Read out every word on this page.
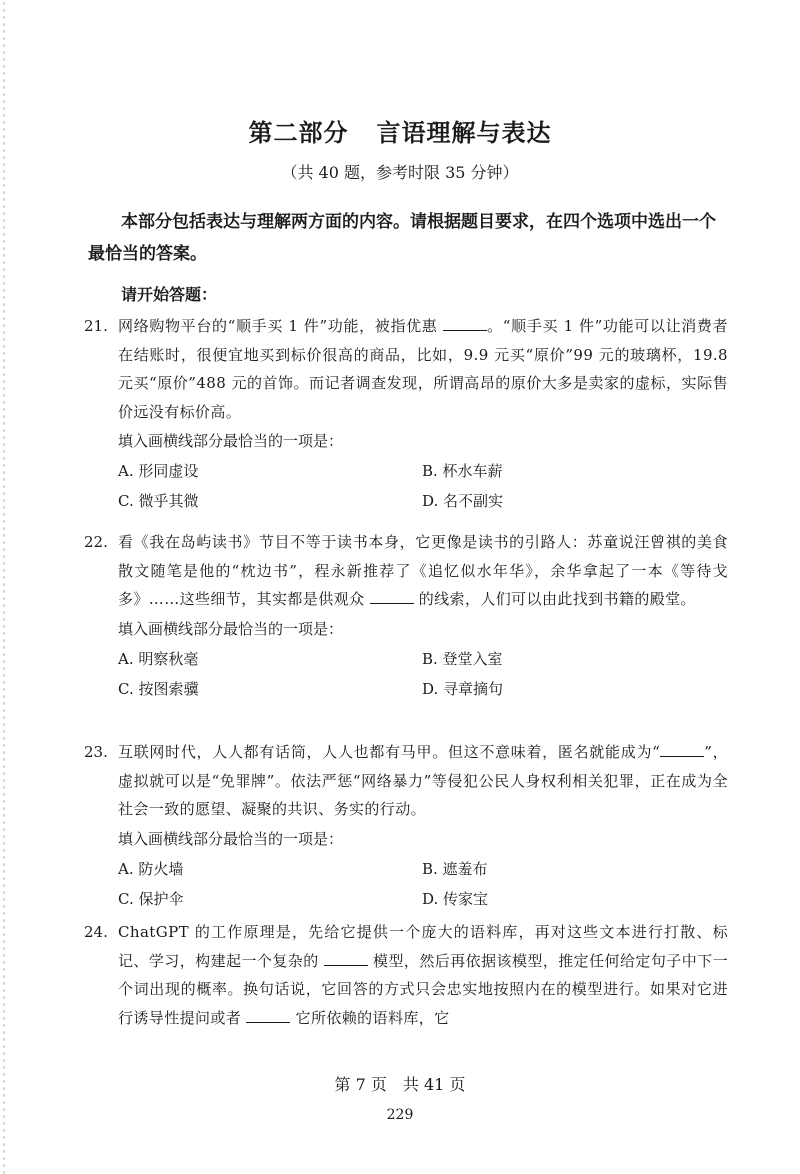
第二部分 言语理解与表达
（共 40 题，参考时限 35 分钟）
本部分包括表达与理解两方面的内容。请根据题目要求，在四个选项中选出一个最恰当的答案。
请开始答题：
21. 网络购物平台的“顺手买 1 件”功能，被指优惠	。“顺手买 1 件”功能可以让消费者在结账时，很便宜地买到标价很高的商品，比如，9.9 元买“原价”99 元的玻璃杯，19.8 元买“原价”488 元的首饰。而记者调查发现，所谓高昂的原价大多是卖家的虚标，实际售价远没有标价高。
填入画横线部分最恰当的一项是：
A. 形同虚设	B. 杯水车薪
C. 微乎其微	D. 名不副实
22. 看《我在岛屿读书》节目不等于读书本身，它更像是读书的引路人：苏童说汪曾祺的美食散文随笔是他的“枕边书”，程永新推荐了《追忆似水年华》，余华拿起了一本《等待戈多》……这些细节，其实都是供观众	的线索，人们可以由此找到书籍的殿堂。
填入画横线部分最恰当的一项是：
A. 明察秋毫	B. 登堂入室
C. 按图索骥	D. 寻章摘句
23. 互联网时代，人人都有话筒，人人也都有马甲。但这不意味着，匿名就能成为“	”，虚拟就可以是“免罪牌”。依法严惩“网络暴力”等侵犯公民人身权利相关犯罪，正在成为全社会一致的愿望、凝聚的共识、务实的行动。
填入画横线部分最恰当的一项是：
A. 防火墙	B. 遮羞布
C. 保护伞	D. 传家宝
24. ChatGPT 的工作原理是，先给它提供一个庞大的语料库，再对这些文本进行打散、标记、学习，构建起一个复杂的	模型，然后再依据该模型，推定任何给定句子中下一个词出现的概率。换句话说，它回答的方式只会忠实地按照内在的模型进行。如果对它进行诱导性提问或者	它所依赖的语料库，它
第 7 页　共 41 页
229
